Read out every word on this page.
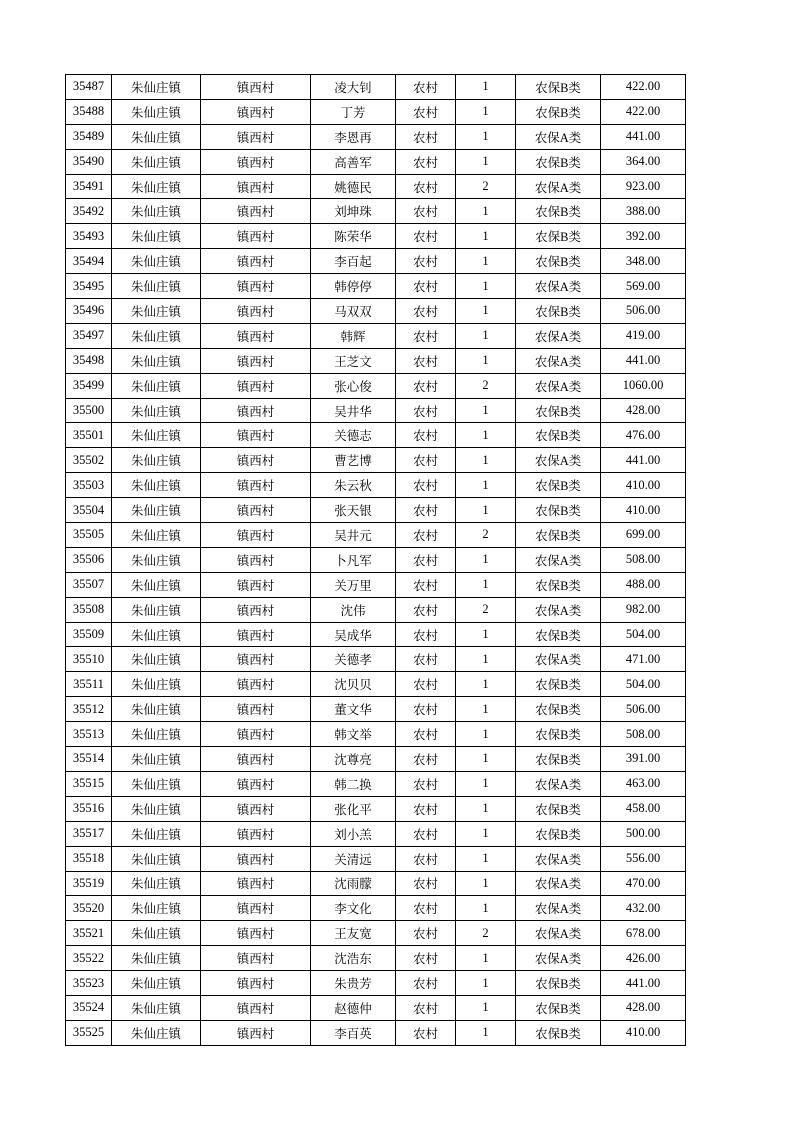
35487	朱仙庄镇	镇西村	凌大钊	农村	1	农保B类	422.00
35488	朱仙庄镇	镇西村	丁芳	农村	1	农保B类	422.00
35489	朱仙庄镇	镇西村	李恩再	农村	1	农保A类	441.00
35490	朱仙庄镇	镇西村	高善军	农村	1	农保B类	364.00
35491	朱仙庄镇	镇西村	姚德民	农村	2	农保A类	923.00
35492	朱仙庄镇	镇西村	刘坤珠	农村	1	农保B类	388.00
35493	朱仙庄镇	镇西村	陈荣华	农村	1	农保B类	392.00
35494	朱仙庄镇	镇西村	李百起	农村	1	农保B类	348.00
35495	朱仙庄镇	镇西村	韩停停	农村	1	农保A类	569.00
35496	朱仙庄镇	镇西村	马双双	农村	1	农保B类	506.00
35497	朱仙庄镇	镇西村	韩辉	农村	1	农保A类	419.00
35498	朱仙庄镇	镇西村	王芝文	农村	1	农保A类	441.00
35499	朱仙庄镇	镇西村	张心俊	农村	2	农保A类	1060.00
35500	朱仙庄镇	镇西村	吴井华	农村	1	农保B类	428.00
35501	朱仙庄镇	镇西村	关德志	农村	1	农保B类	476.00
35502	朱仙庄镇	镇西村	曹艺博	农村	1	农保A类	441.00
35503	朱仙庄镇	镇西村	朱云秋	农村	1	农保B类	410.00
35504	朱仙庄镇	镇西村	张天银	农村	1	农保B类	410.00
35505	朱仙庄镇	镇西村	吴井元	农村	2	农保B类	699.00
35506	朱仙庄镇	镇西村	卜凡军	农村	1	农保A类	508.00
35507	朱仙庄镇	镇西村	关万里	农村	1	农保B类	488.00
35508	朱仙庄镇	镇西村	沈伟	农村	2	农保A类	982.00
35509	朱仙庄镇	镇西村	吴成华	农村	1	农保B类	504.00
35510	朱仙庄镇	镇西村	关德孝	农村	1	农保A类	471.00
35511	朱仙庄镇	镇西村	沈贝贝	农村	1	农保B类	504.00
35512	朱仙庄镇	镇西村	董文华	农村	1	农保B类	506.00
35513	朱仙庄镇	镇西村	韩文举	农村	1	农保B类	508.00
35514	朱仙庄镇	镇西村	沈尊亮	农村	1	农保B类	391.00
35515	朱仙庄镇	镇西村	韩二换	农村	1	农保A类	463.00
35516	朱仙庄镇	镇西村	张化平	农村	1	农保B类	458.00
35517	朱仙庄镇	镇西村	刘小羔	农村	1	农保B类	500.00
35518	朱仙庄镇	镇西村	关清远	农村	1	农保A类	556.00
35519	朱仙庄镇	镇西村	沈雨朦	农村	1	农保A类	470.00
35520	朱仙庄镇	镇西村	李文化	农村	1	农保A类	432.00
35521	朱仙庄镇	镇西村	王友宽	农村	2	农保A类	678.00
35522	朱仙庄镇	镇西村	沈浩东	农村	1	农保A类	426.00
35523	朱仙庄镇	镇西村	朱贵芳	农村	1	农保B类	441.00
35524	朱仙庄镇	镇西村	赵德仲	农村	1	农保B类	428.00
35525	朱仙庄镇	镇西村	李百英	农村	1	农保B类	410.00
